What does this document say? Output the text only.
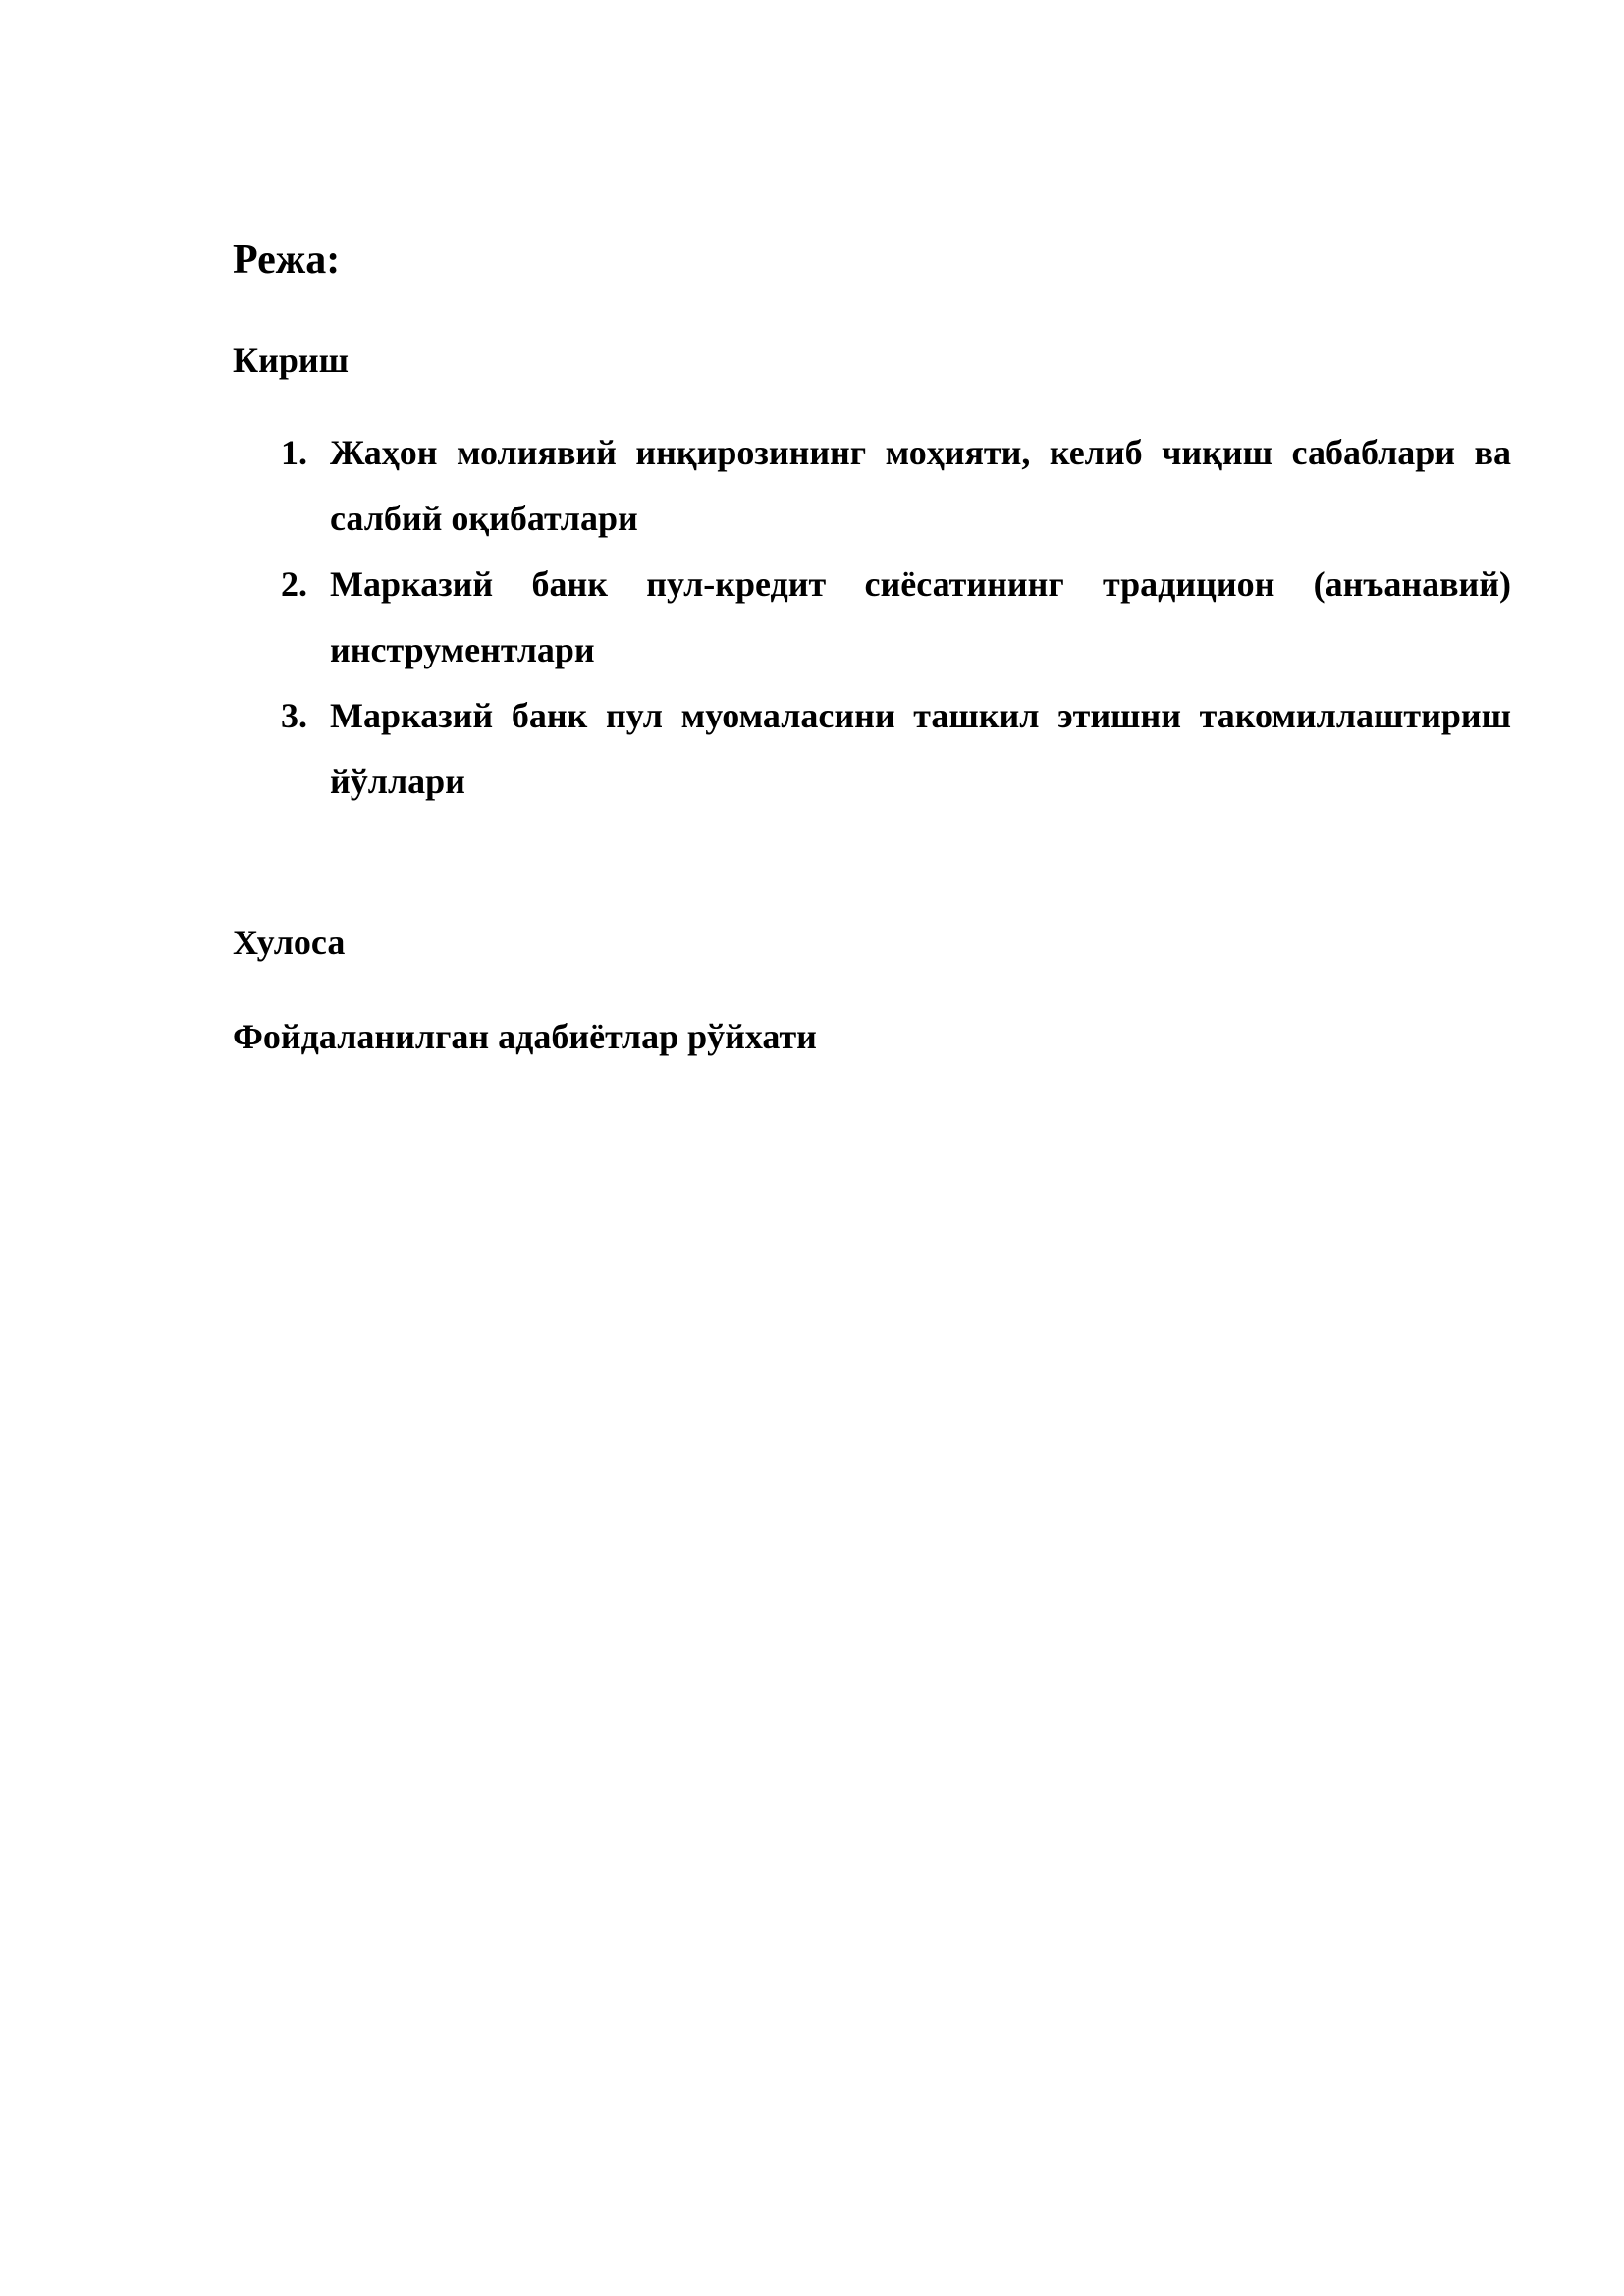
Режа:

Кириш

1. Жаҳон молиявий инқирозининг моҳияти, келиб чиқиш сабаблари ва салбий оқибатлари
2. Марказий банк пул-кредит сиёсатининг традицион (анъанавий) инструментлари
3. Марказий банк пул муомаласини ташкил этишни такомиллаштириш йўллари

Хулоса

Фойдаланилган адабиётлар рўйхати
